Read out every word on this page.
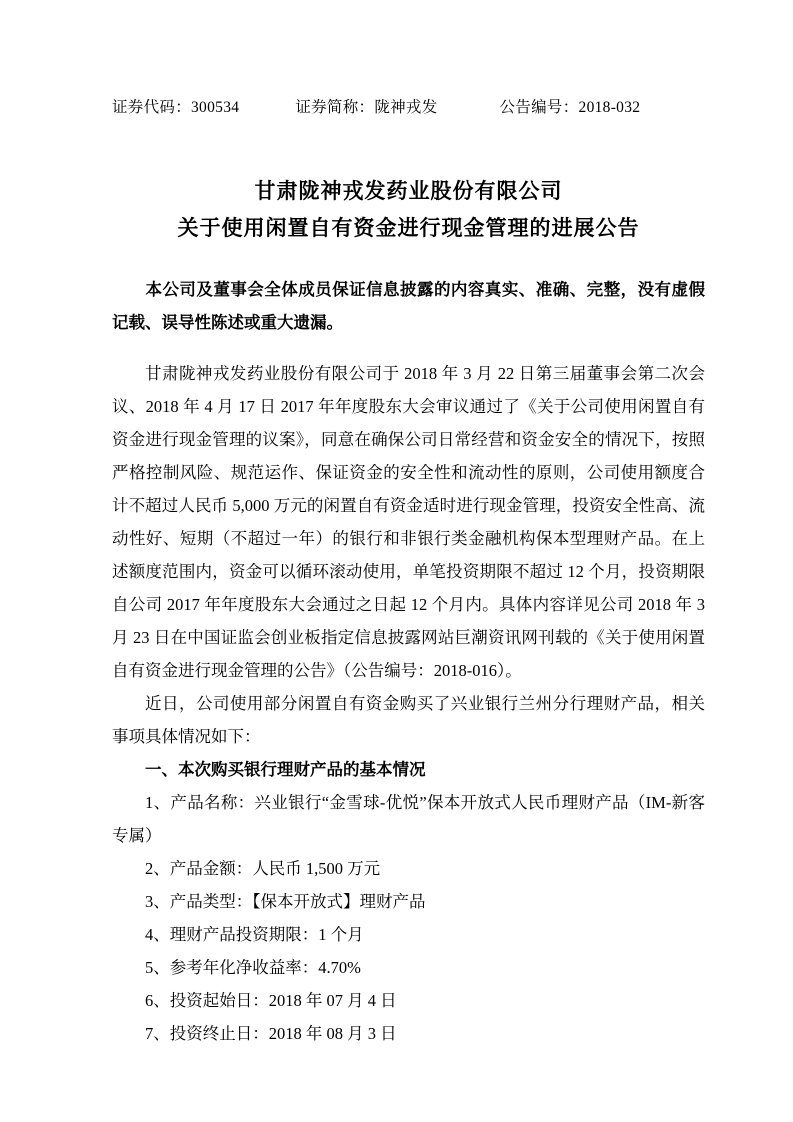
证券代码：300534	证券简称：陇神戎发	公告编号：2018-032
甘肃陇神戎发药业股份有限公司
关于使用闲置自有资金进行现金管理的进展公告
本公司及董事会全体成员保证信息披露的内容真实、准确、完整，没有虚假记载、误导性陈述或重大遗漏。

甘肃陇神戎发药业股份有限公司于 2018 年 3 月 22 日第三届董事会第二次会议、2018 年 4 月 17 日 2017 年年度股东大会审议通过了《关于公司使用闲置自有资金进行现金管理的议案》，同意在确保公司日常经营和资金安全的情况下，按照严格控制风险、规范运作、保证资金的安全性和流动性的原则，公司使用额度合计不超过人民币 5,000 万元的闲置自有资金适时进行现金管理，投资安全性高、流动性好、短期（不超过一年）的银行和非银行类金融机构保本型理财产品。在上述额度范围内，资金可以循环滚动使用，单笔投资期限不超过 12 个月，投资期限自公司 2017 年年度股东大会通过之日起 12 个月内。具体内容详见公司 2018 年 3 月 23 日在中国证监会创业板指定信息披露网站巨潮资讯网刊载的《关于使用闲置自有资金进行现金管理的公告》（公告编号：2018-016）。

近日，公司使用部分闲置自有资金购买了兴业银行兰州分行理财产品，相关事项具体情况如下：

一、本次购买银行理财产品的基本情况

1、产品名称：兴业银行“金雪球-优悦”保本开放式人民币理财产品（IM-新客专属）

2、产品金额：人民币 1,500 万元

3、产品类型：【保本开放式】理财产品

4、理财产品投资期限：1 个月

5、参考年化净收益率：4.70%

6、投资起始日：2018 年 07 月 4 日

7、投资终止日：2018 年 08 月 3 日
